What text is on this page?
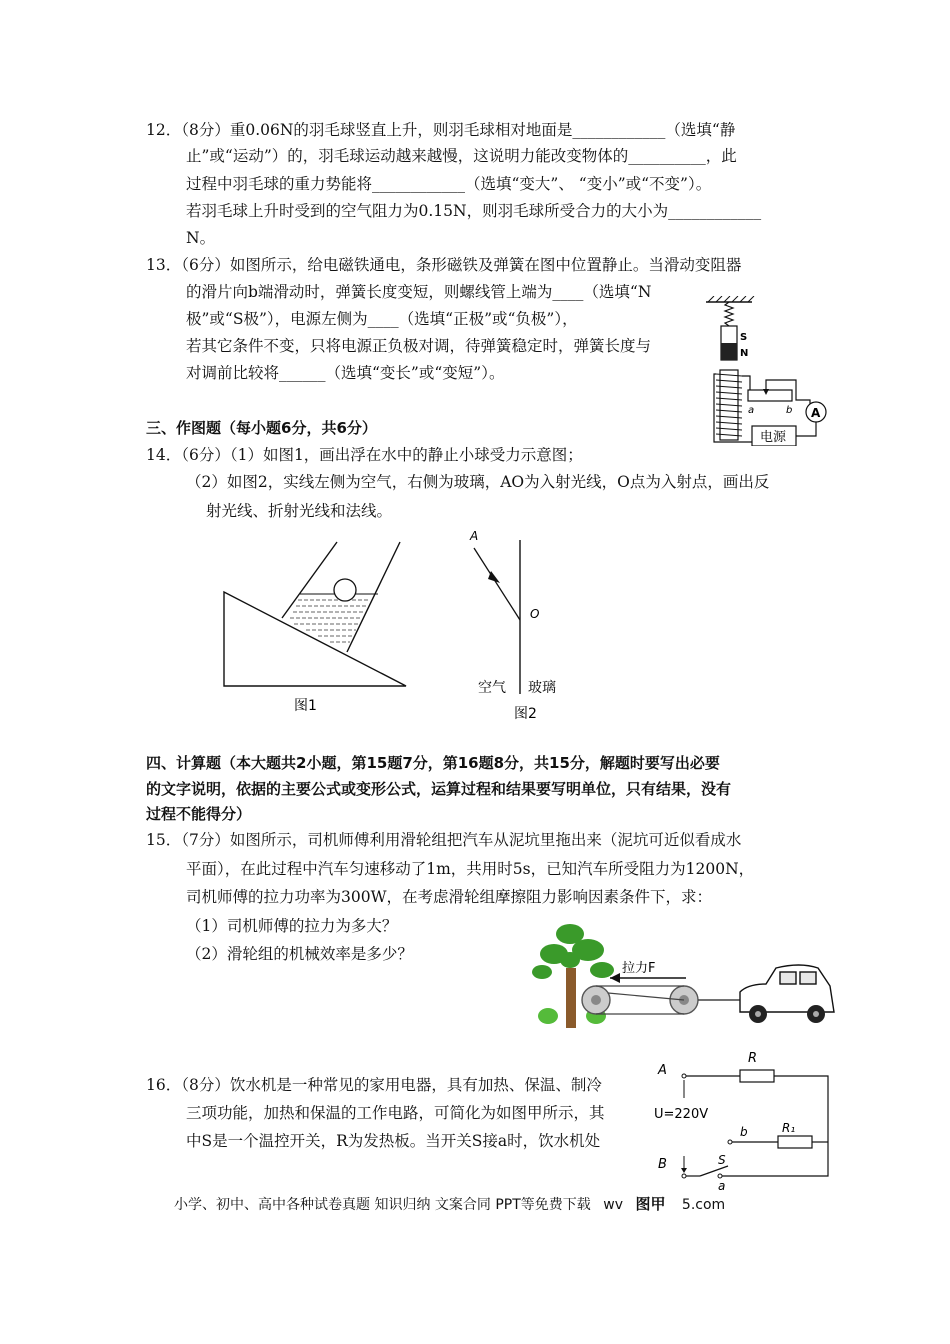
12．（8分）重0.06N的羽毛球竖直上升，则羽毛球相对地面是____________（选填“静
止”或“运动”）的，羽毛球运动越来越慢，这说明力能改变物体的__________，此
过程中羽毛球的重力势能将____________（选填“变大”、 “变小”或“不变”）。
若羽毛球上升时受到的空气阻力为0.15N，则羽毛球所受合力的大小为____________
N。
13．（6分）如图所示，给电磁铁通电，条形磁铁及弹簧在图中位置静止。当滑动变阻器
的滑片向b端滑动时，弹簧长度变短，则螺线管上端为____（选填“N
极”或“S极”），电源左侧为____（选填“正极”或“负极”），
若其它条件不变，只将电源正负极对调，待弹簧稳定时，弹簧长度与
对调前比较将______（选填“变长”或“变短”）。
S
N
a	b A
电源
三、作图题（每小题6分，共6分）
14．（6分）（1）如图1，画出浮在水中的静止小球受力示意图；
（2）如图2，实线左侧为空气，右侧为玻璃，AO为入射光线，O点为入射点，画出反
射光线、折射光线和法线。
图1
A
O
空气 玻璃
图2
四、计算题（本大题共2小题，第15题7分，第16题8分，共15分，解题时要写出必要
的文字说明，依据的主要公式或变形公式，运算过程和结果要写明单位，只有结果，没有
过程不能得分）
15．（7分）如图所示，司机师傅利用滑轮组把汽车从泥坑里拖出来（泥坑可近似看成水
平面），在此过程中汽车匀速移动了1m，共用时5s，已知汽车所受阻力为1200N，
司机师傅的拉力功率为300W，在考虑滑轮组摩擦阻力影响因素条件下，求：
（1）司机师傅的拉力为多大？
（2）滑轮组的机械效率是多少？
拉力F
16．（8分）饮水机是一种常见的家用电器，具有加热、保温、制冷
三项功能，加热和保温的工作电路，可简化为如图甲所示，其
中S是一个温控开关，R为发热板。当开关S接a时，饮水机处
A
B
U=220V
R
R₁
S
b
a
小学、初中、高中各种试卷真题 知识归纳 文案合同 PPT等免费下载 wv 图甲 5.com
